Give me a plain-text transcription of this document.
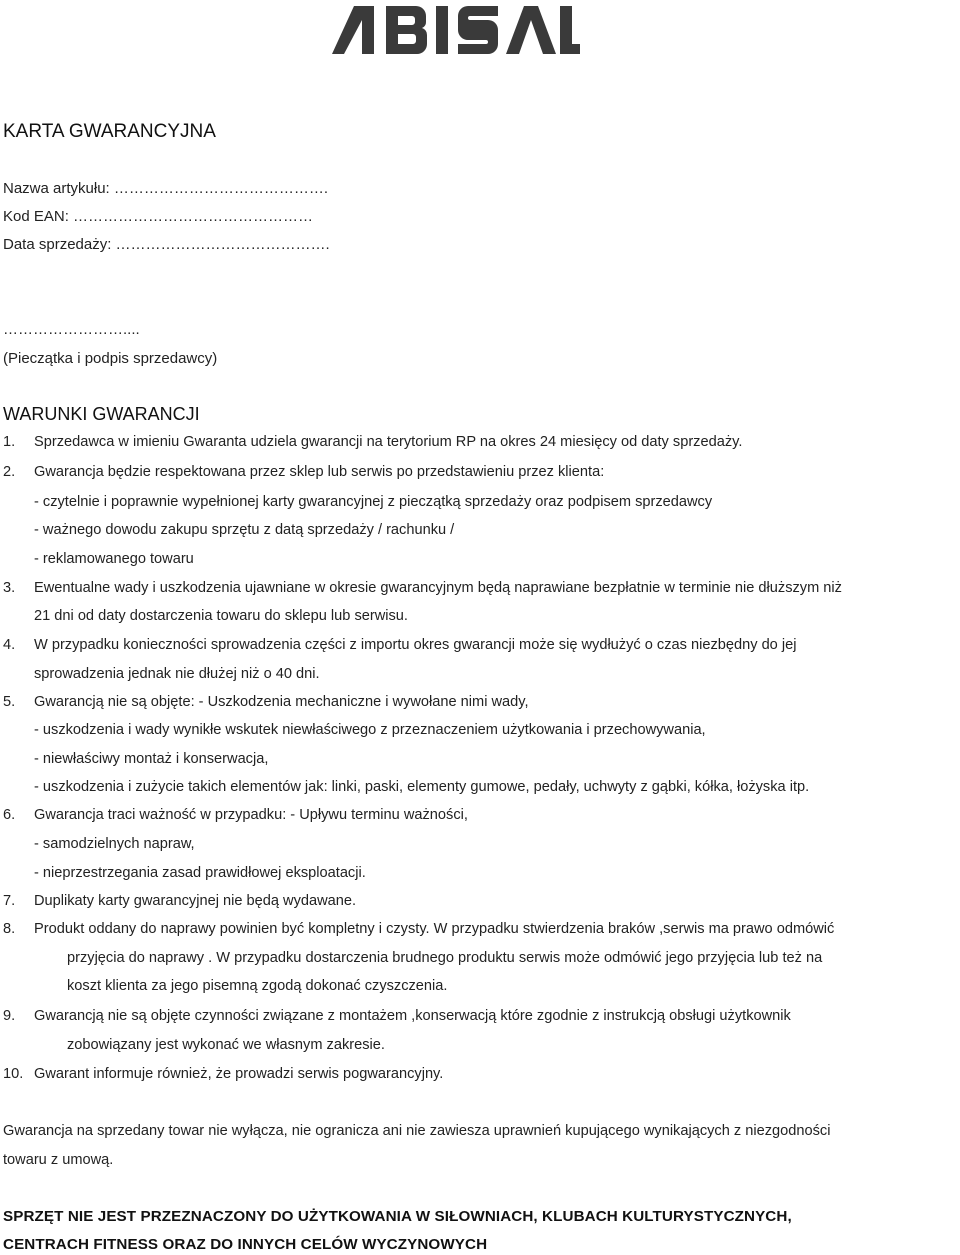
KARTA GWARANCYJNA
Nazwa artykułu: …………………………………….
Kod EAN: …………………………………………
Data sprzedaży: …………………………………….
……………………....
(Pieczątka i podpis sprzedawcy)
WARUNKI GWARANCJI
1. Sprzedawca w imieniu Gwaranta udziela gwarancji na terytorium RP na okres 24 miesięcy od daty sprzedaży.
2. Gwarancja będzie respektowana przez sklep lub serwis po przedstawieniu przez klienta:
- czytelnie i poprawnie wypełnionej karty gwarancyjnej z pieczątką sprzedaży oraz podpisem sprzedawcy
- ważnego dowodu zakupu sprzętu z datą sprzedaży / rachunku /
- reklamowanego towaru
3. Ewentualne wady i uszkodzenia ujawniane w okresie gwarancyjnym będą naprawiane bezpłatnie w terminie nie dłuższym niż
21 dni od daty dostarczenia towaru do sklepu lub serwisu.
4. W przypadku konieczności sprowadzenia części z importu okres gwarancji może się wydłużyć o czas niezbędny do jej
sprowadzenia jednak nie dłużej niż o 40 dni.
5. Gwarancją nie są objęte: - Uszkodzenia mechaniczne i wywołane nimi wady,
- uszkodzenia i wady wynikłe wskutek niewłaściwego z przeznaczeniem użytkowania i przechowywania,
- niewłaściwy montaż i konserwacja,
- uszkodzenia i zużycie takich elementów jak: linki, paski, elementy gumowe, pedały, uchwyty z gąbki, kółka, łożyska itp.
6. Gwarancja traci ważność w przypadku: - Upływu terminu ważności,
- samodzielnych napraw,
- nieprzestrzegania zasad prawidłowej eksploatacji.
7. Duplikaty karty gwarancyjnej nie będą wydawane.
8. Produkt oddany do naprawy powinien być kompletny i czysty. W przypadku stwierdzenia braków ,serwis ma prawo odmówić
przyjęcia do naprawy . W przypadku dostarczenia brudnego produktu serwis może odmówić jego przyjęcia lub też na
koszt klienta za jego pisemną zgodą dokonać czyszczenia.
9. Gwarancją nie są objęte czynności związane z montażem ,konserwacją które zgodnie z instrukcją obsługi użytkownik
zobowiązany jest wykonać we własnym zakresie.
10. Gwarant informuje również, że prowadzi serwis pogwarancyjny.
Gwarancja na sprzedany towar nie wyłącza, nie ogranicza ani nie zawiesza uprawnień kupującego wynikających z niezgodności
towaru z umową.
SPRZĘT NIE JEST PRZEZNACZONY DO UŻYTKOWANIA W SIŁOWNIACH, KLUBACH KULTURYSTYCZNYCH,
CENTRACH FITNESS ORAZ DO INNYCH CELÓW WYCZYNOWYCH
